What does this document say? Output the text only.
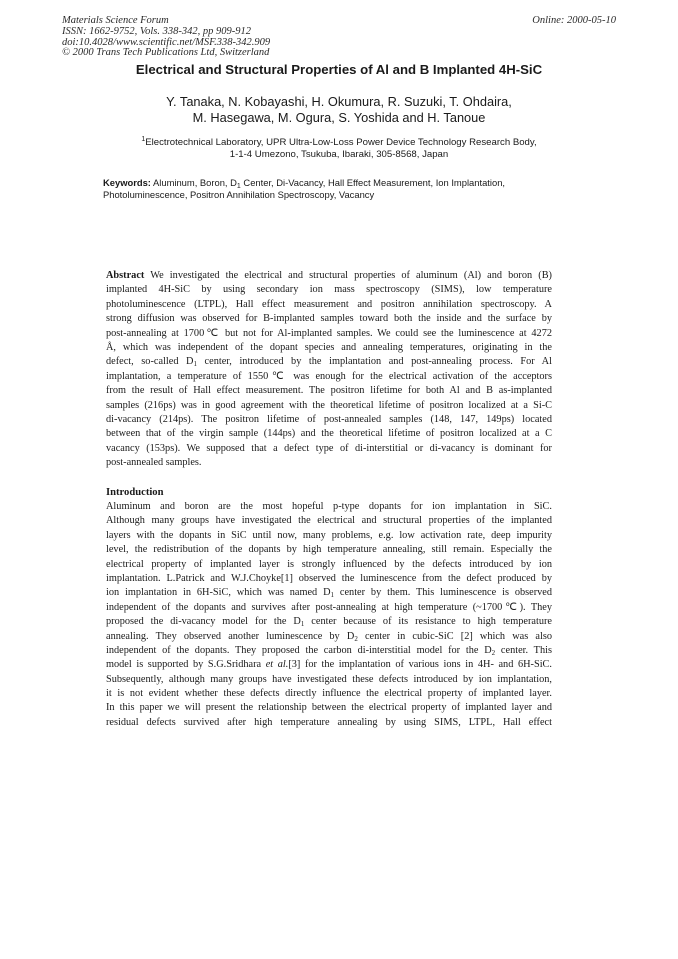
Materials Science Forum
ISSN: 1662-9752, Vols. 338-342, pp 909-912
doi:10.4028/www.scientific.net/MSF.338-342.909
© 2000 Trans Tech Publications Ltd, Switzerland
Online: 2000-05-10
Electrical and Structural Properties of Al and B Implanted 4H-SiC
Y. Tanaka, N. Kobayashi, H. Okumura, R. Suzuki, T. Ohdaira,
M. Hasegawa, M. Ogura, S. Yoshida and H. Tanoue
$^1$Electrotechnical Laboratory, UPR Ultra-Low-Loss Power Device Technology Research Body,
1-1-4 Umezono, Tsukuba, Ibaraki, 305-8568, Japan
Keywords: Aluminum, Boron, $D_1$ Center, Di-Vacancy, Hall Effect Measurement, Ion Implantation,
Photoluminescence, Positron Annihilation Spectroscopy, Vacancy
Abstract We investigated the electrical and structural properties of aluminum (Al) and boron (B)
implanted 4H-SiC by using secondary ion mass spectroscopy (SIMS), low temperature
photoluminescence (LTPL), Hall effect measurement and positron annihilation spectroscopy. A
strong diffusion was observed for B-implanted samples toward both the inside and the surface by
post-annealing at 1700℃ but not for Al-implanted samples. We could see the luminescence at 4272
Å, which was independent of the dopant species and annealing temperatures, originating in the
defect, so-called $D_1$ center, introduced by the implantation and post-annealing process. For Al
implantation, a temperature of 1550℃ was enough for the electrical activation of the acceptors
from the result of Hall effect measurement. The positron lifetime for both Al and B as-implanted
samples (216ps) was in good agreement with the theoretical lifetime of positron localized at a Si-C
di-vacancy (214ps). The positron lifetime of post-annealed samples (148, 147, 149ps) located
between that of the virgin sample (144ps) and the theoretical lifetime of positron localized at a C
vacancy (153ps). We supposed that a defect type of di-interstitial or di-vacancy is dominant for
post-annealed samples.
Introduction
Aluminum and boron are the most hopeful p-type dopants for ion implantation in SiC.
Although many groups have investigated the electrical and structural properties of the implanted
layers with the dopants in SiC until now, many problems, e.g. low activation rate, deep impurity
level, the redistribution of the dopants by high temperature annealing, still remain. Especially the
electrical property of implanted layer is strongly influenced by the defects introduced by ion
implantation. L.Patrick and W.J.Choyke[1] observed the luminescence from the defect produced by
ion implantation in 6H-SiC, which was named $D_1$ center by them. This luminescence is observed
independent of the dopants and survives after post-annealing at high temperature (~1700℃). They
proposed the di-vacancy model for the $D_1$ center because of its resistance to high temperature
annealing. They observed another luminescence by $D_2$ center in cubic-SiC [2] which was also
independent of the dopants. They proposed the carbon di-interstitial model for the $D_2$ center. This
model is supported by S.G.Sridhara et al.[3] for the implantation of various ions in 4H- and 6H-SiC.
Subsequently, although many groups have investigated these defects introduced by ion implantation,
it is not evident whether these defects directly influence the electrical property of implanted layer.
In this paper we will present the relationship between the electrical property of implanted layer and
residual defects survived after high temperature annealing by using SIMS, LTPL, Hall effect
